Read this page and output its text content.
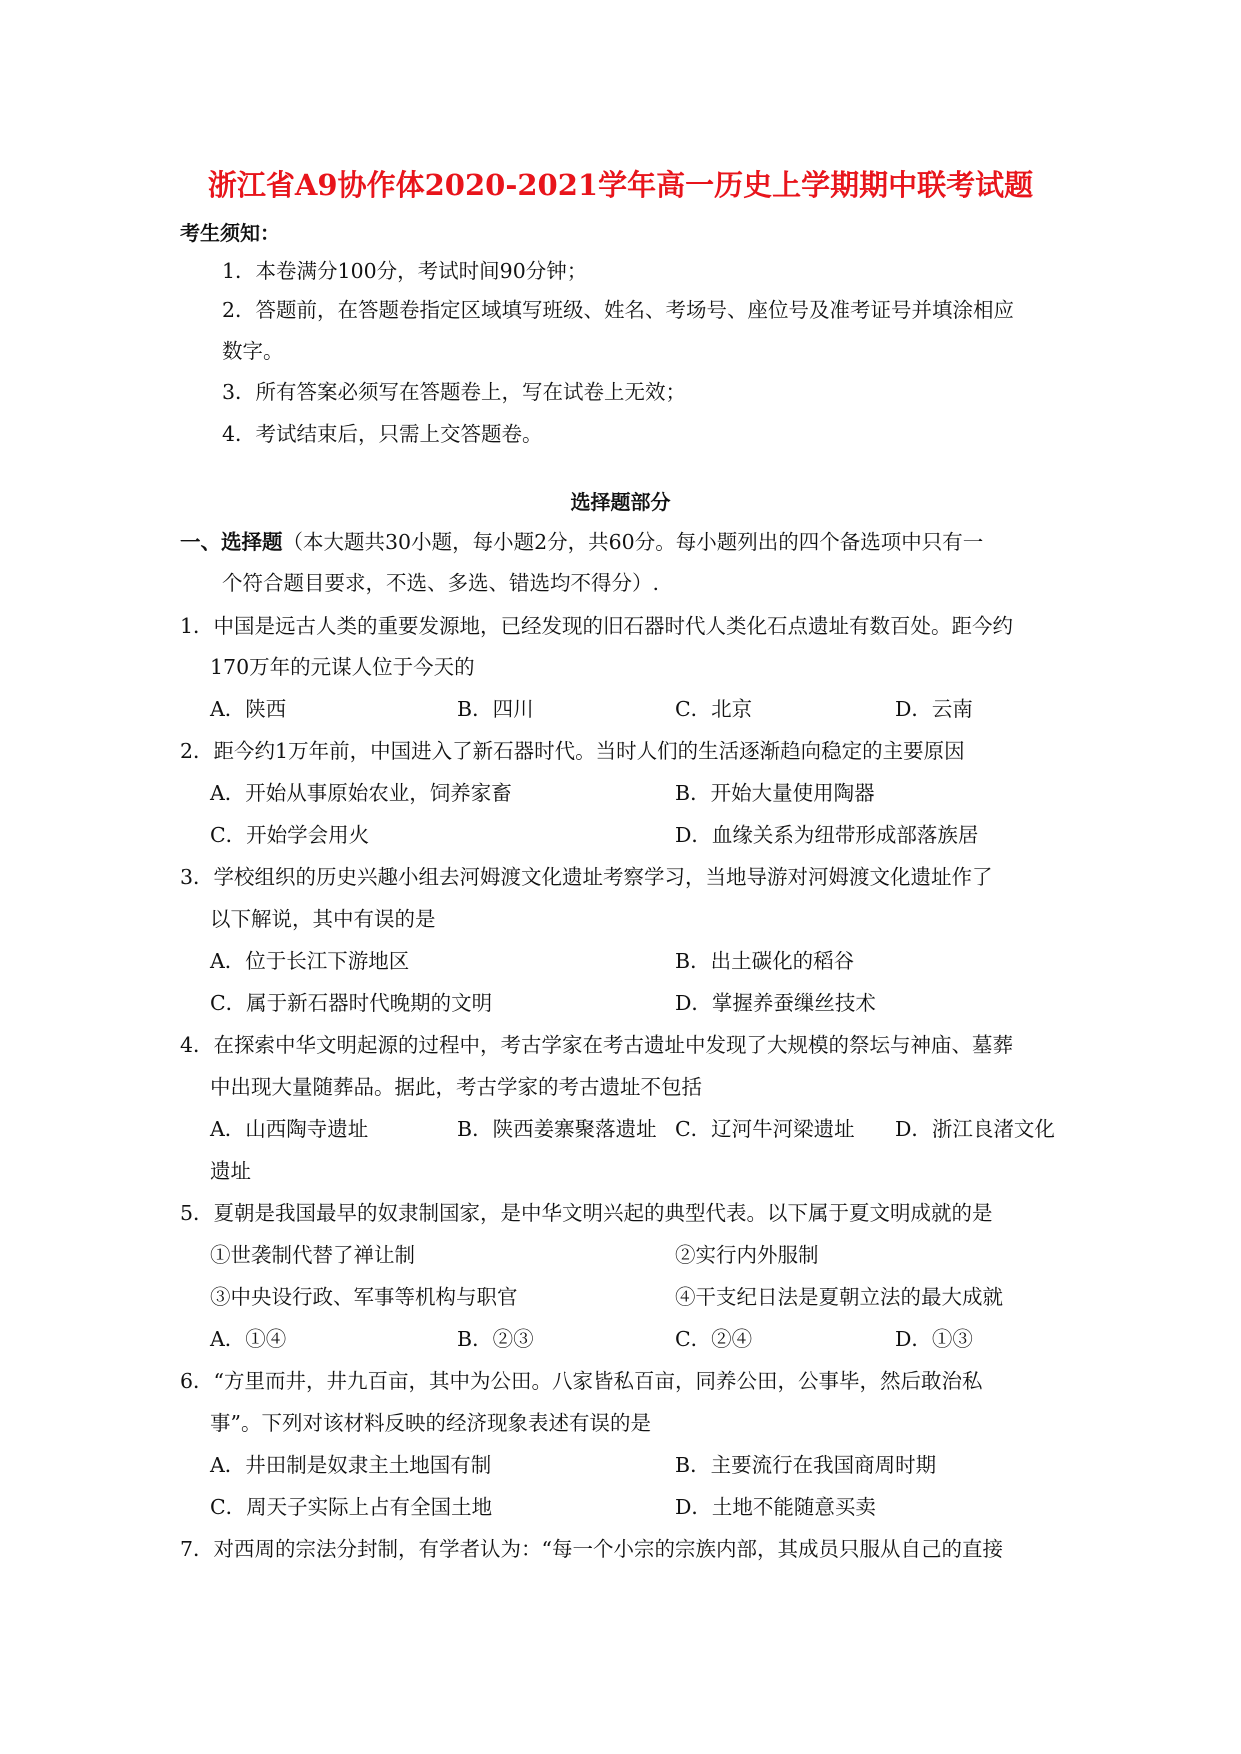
浙江省A9协作体2020-2021学年高一历史上学期期中联考试题
考生须知：
1．本卷满分100分，考试时间90分钟；
2．答题前，在答题卷指定区域填写班级、姓名、考场号、座位号及准考证号并填涂相应
数字。
3．所有答案必须写在答题卷上，写在试卷上无效；
4．考试结束后，只需上交答题卷。
选择题部分
一、选择题（本大题共30小题，每小题2分，共60分。每小题列出的四个备选项中只有一
个符合题目要求，不选、多选、错选均不得分）.
1．中国是远古人类的重要发源地，已经发现的旧石器时代人类化石点遗址有数百处。距今约
170万年的元谋人位于今天的
A．陕西	B．四川	C．北京	D．云南
2．距今约1万年前，中国进入了新石器时代。当时人们的生活逐渐趋向稳定的主要原因
A．开始从事原始农业，饲养家畜	B．开始大量使用陶器
C．开始学会用火	D．血缘关系为纽带形成部落族居
3．学校组织的历史兴趣小组去河姆渡文化遗址考察学习，当地导游对河姆渡文化遗址作了
以下解说，其中有误的是
A．位于长江下游地区	B．出土碳化的稻谷
C．属于新石器时代晚期的文明	D．掌握养蚕缫丝技术
4．在探索中华文明起源的过程中，考古学家在考古遗址中发现了大规模的祭坛与神庙、墓葬
中出现大量随葬品。据此，考古学家的考古遗址不包括
A．山西陶寺遗址	B．陕西姜寨聚落遗址 C．辽河牛河梁遗址 D．浙江良渚文化
遗址
5．夏朝是我国最早的奴隶制国家，是中华文明兴起的典型代表。以下属于夏文明成就的是
①世袭制代替了禅让制	②实行内外服制
③中央设行政、军事等机构与职官	④干支纪日法是夏朝立法的最大成就
A．①④	B．②③	C．②④	D．①③
6．“方里而井，井九百亩，其中为公田。八家皆私百亩，同养公田，公事毕，然后敢治私
事”。下列对该材料反映的经济现象表述有误的是
A．井田制是奴隶主土地国有制	B．主要流行在我国商周时期
C．周天子实际上占有全国土地	D．土地不能随意买卖
7．对西周的宗法分封制，有学者认为：“每一个小宗的宗族内部，其成员只服从自己的直接
